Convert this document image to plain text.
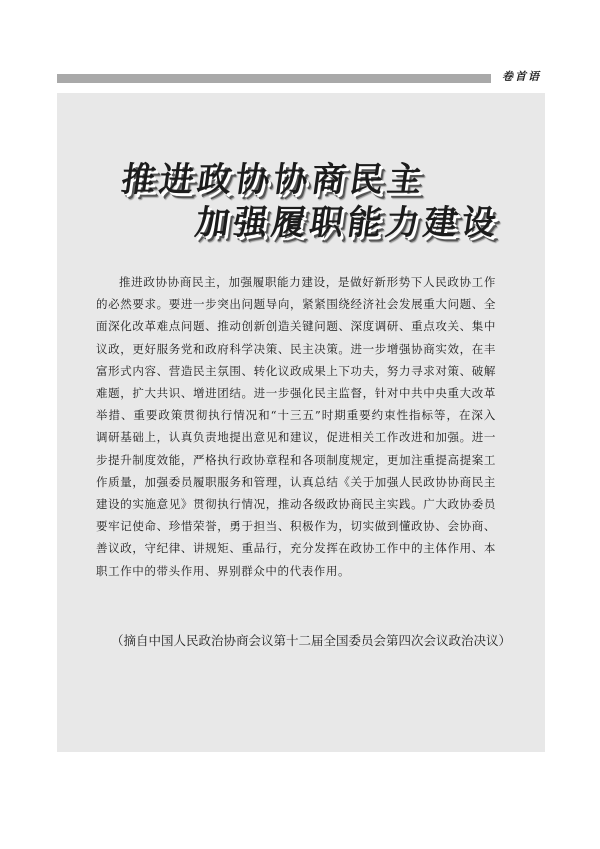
卷首语
推进政协协商民主
加强履职能力建设

推进政协协商民主，加强履职能力建设，是做好新形势下人民政协工作的必然要求。要进一步突出问题导向，紧紧围绕经济社会发展重大问题、全面深化改革难点问题、推动创新创造关键问题、深度调研、重点攻关、集中议政，更好服务党和政府科学决策、民主决策。进一步增强协商实效，在丰富形式内容、营造民主氛围、转化议政成果上下功夫，努力寻求对策、破解难题，扩大共识、增进团结。进一步强化民主监督，针对中共中央重大改革举措、重要政策贯彻执行情况和“十三五”时期重要约束性指标等，在深入调研基础上，认真负责地提出意见和建议，促进相关工作改进和加强。进一步提升制度效能，严格执行政协章程和各项制度规定，更加注重提高提案工作质量，加强委员履职服务和管理，认真总结《关于加强人民政协协商民主建设的实施意见》贯彻执行情况，推动各级政协商民主实践。广大政协委员要牢记使命、珍惜荣誉，勇于担当、积极作为，切实做到懂政协、会协商、善议政，守纪律、讲规矩、重品行，充分发挥在政协工作中的主体作用、本职工作中的带头作用、界别群众中的代表作用。

（摘自中国人民政治协商会议第十二届全国委员会第四次会议政治决议）
